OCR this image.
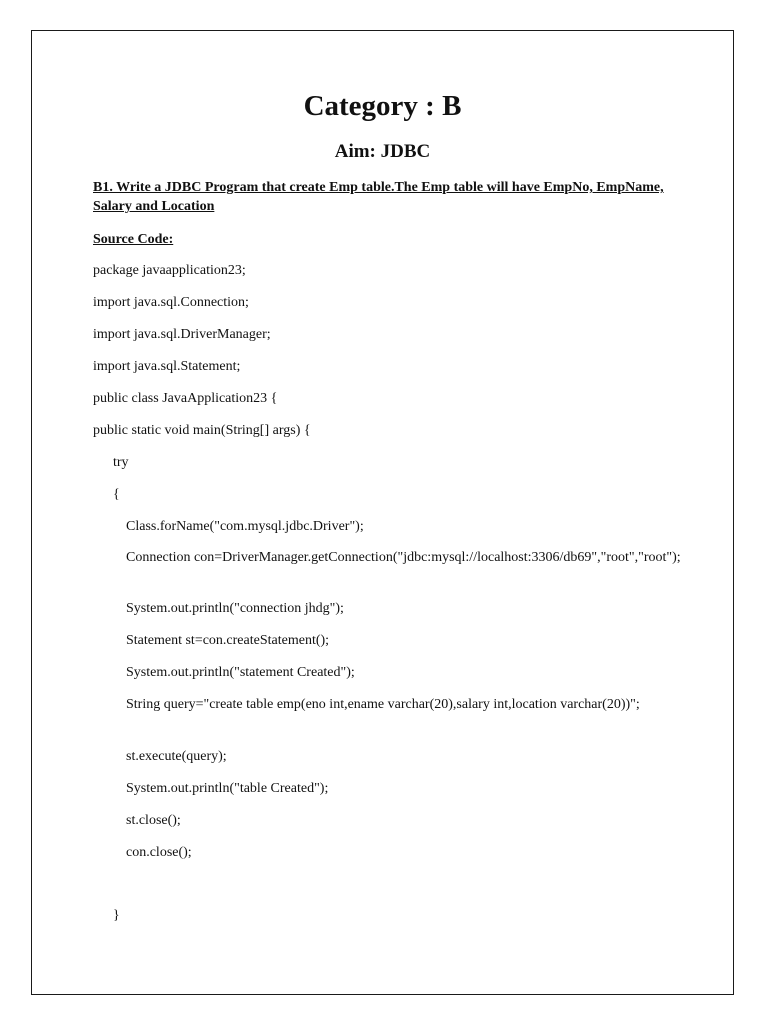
Category : B
Aim: JDBC
B1. Write a JDBC Program that create Emp table.The Emp table will have EmpNo, EmpName, Salary and Location
Source Code:
package javaapplication23;
import java.sql.Connection;
import java.sql.DriverManager;
import java.sql.Statement;
public class JavaApplication23 {
public static void main(String[] args) {
try
{
Class.forName("com.mysql.jdbc.Driver");
Connection con=DriverManager.getConnection("jdbc:mysql://localhost:3306/db69","root","root");
System.out.println("connection jhdg");
Statement st=con.createStatement();
System.out.println("statement Created");
String query="create table emp(eno int,ename varchar(20),salary int,location varchar(20))";
st.execute(query);
System.out.println("table Created");
st.close();
con.close();
}
